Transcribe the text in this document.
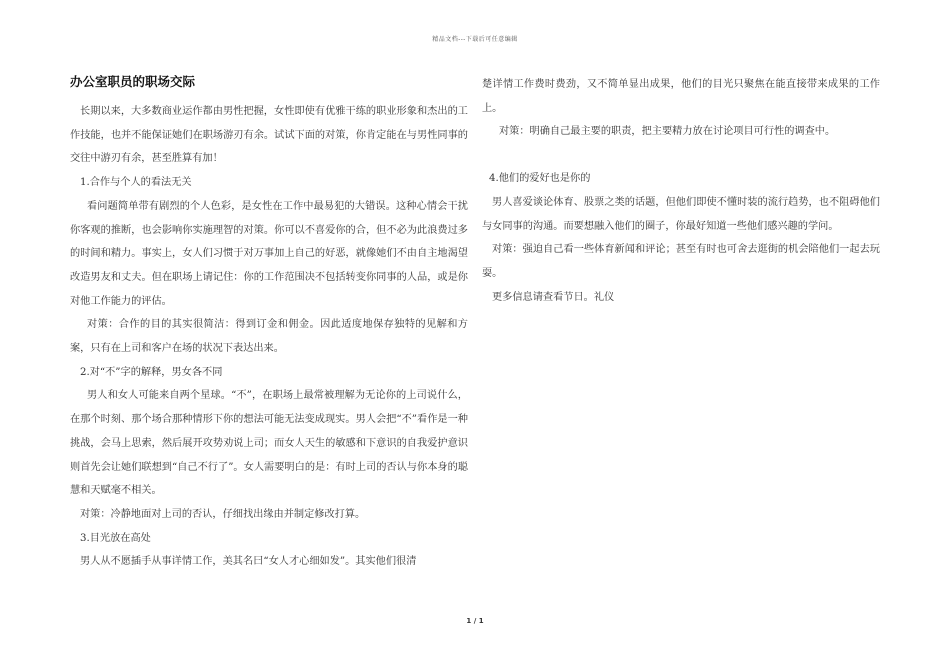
精品文档---下载后可任意编辑
办公室职员的职场交际

长期以来，大多数商业运作都由男性把握，女性即使有优雅干练的职业形象和杰出的工作技能，也并不能保证她们在职场游刃有余。试试下面的对策，你肯定能在与男性同事的交往中游刃有余，甚至胜算有加！

1.合作与个人的看法无关

看问题简单带有剧烈的个人色彩，是女性在工作中最易犯的大错误。这种心情会干扰你客观的推断，也会影响你实施理智的对策。你可以不喜爱你的合，但不必为此浪费过多的时间和精力。事实上，女人们习惯于对万事加上自己的好恶，就像她们不由自主地渴望改造男友和丈夫。但在职场上请记住：你的工作范围决不包括转变你同事的人品，或是你对他工作能力的评估。

对策：合作的目的其实很简洁：得到订金和佣金。因此适度地保存独特的见解和方案，只有在上司和客户在场的状况下表达出来。

2.对“不”字的解释，男女各不同

男人和女人可能来自两个星球。“不”，在职场上最常被理解为无论你的上司说什么，在那个时刻、那个场合那种情形下你的想法可能无法变成现实。男人会把“不”看作是一种挑战，会马上思索，然后展开攻势劝说上司；而女人天生的敏感和下意识的自我爱护意识则首先会让她们联想到“自己不行了”。女人需要明白的是：有时上司的否认与你本身的聪慧和天赋毫不相关。

对策：冷静地面对上司的否认，仔细找出缘由并制定修改打算。

3.目光放在高处

男人从不愿插手从事详情工作，美其名曰“女人才心细如发”。其实他们很清

楚详情工作费时费劲，又不简单显出成果，他们的目光只聚焦在能直接带来成果的工作上。

对策：明确自己最主要的职责，把主要精力放在讨论项目可行性的调查中。

4.他们的爱好也是你的

男人喜爱谈论体育、股票之类的话题，但他们即使不懂时装的流行趋势，也不阻碍他们与女同事的沟通。而要想融入他们的圈子，你最好知道一些他们感兴趣的学问。

对策：强迫自己看一些体育新闻和评论；甚至有时也可舍去逛街的机会陪他们一起去玩耍。

更多信息请查看节日。礼仪

1 / 1
